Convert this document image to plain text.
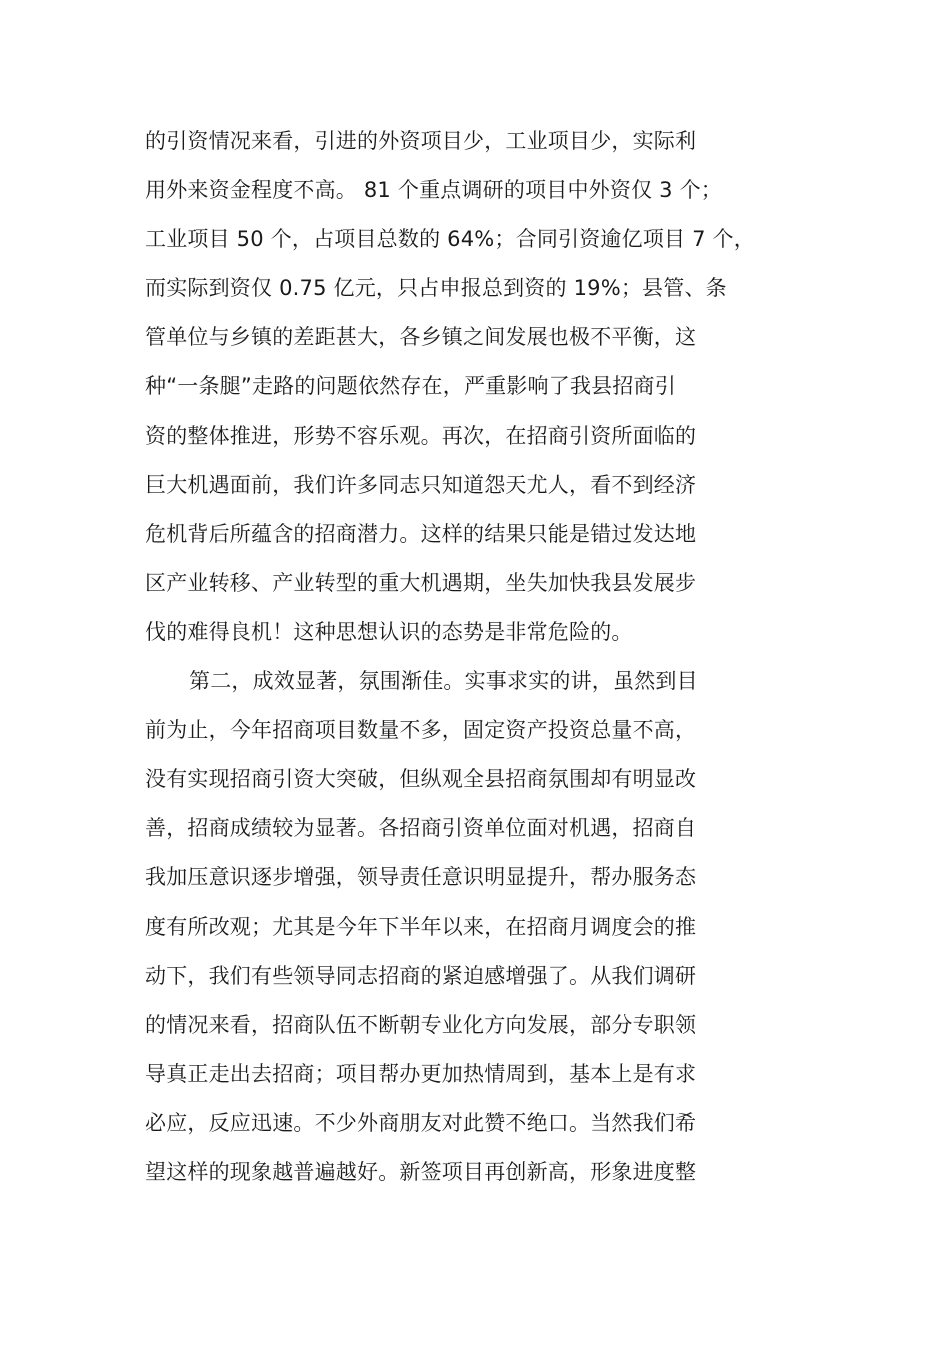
的引资情况来看，引进的外资项目少，工业项目少，实际利
用外来资金程度不高。 81 个重点调研的项目中外资仅 3 个；
工业项目 50 个，占项目总数的 64%；合同引资逾亿项目 7 个，
而实际到资仅 0.75 亿元，只占申报总到资的 19%；县管、条
管单位与乡镇的差距甚大，各乡镇之间发展也极不平衡，这
种“一条腿”走路的问题依然存在，严重影响了我县招商引
资的整体推进，形势不容乐观。再次，在招商引资所面临的
巨大机遇面前，我们许多同志只知道怨天尤人，看不到经济
危机背后所蕴含的招商潜力。这样的结果只能是错过发达地
区产业转移、产业转型的重大机遇期，坐失加快我县发展步
伐的难得良机！这种思想认识的态势是非常危险的。
第二，成效显著，氛围渐佳。实事求实的讲，虽然到目
前为止，今年招商项目数量不多，固定资产投资总量不高，
没有实现招商引资大突破，但纵观全县招商氛围却有明显改
善，招商成绩较为显著。各招商引资单位面对机遇，招商自
我加压意识逐步增强，领导责任意识明显提升，帮办服务态
度有所改观；尤其是今年下半年以来，在招商月调度会的推
动下，我们有些领导同志招商的紧迫感增强了。从我们调研
的情况来看，招商队伍不断朝专业化方向发展，部分专职领
导真正走出去招商；项目帮办更加热情周到，基本上是有求
必应，反应迅速。不少外商朋友对此赞不绝口。当然我们希
望这样的现象越普遍越好。新签项目再创新高，形象进度整
